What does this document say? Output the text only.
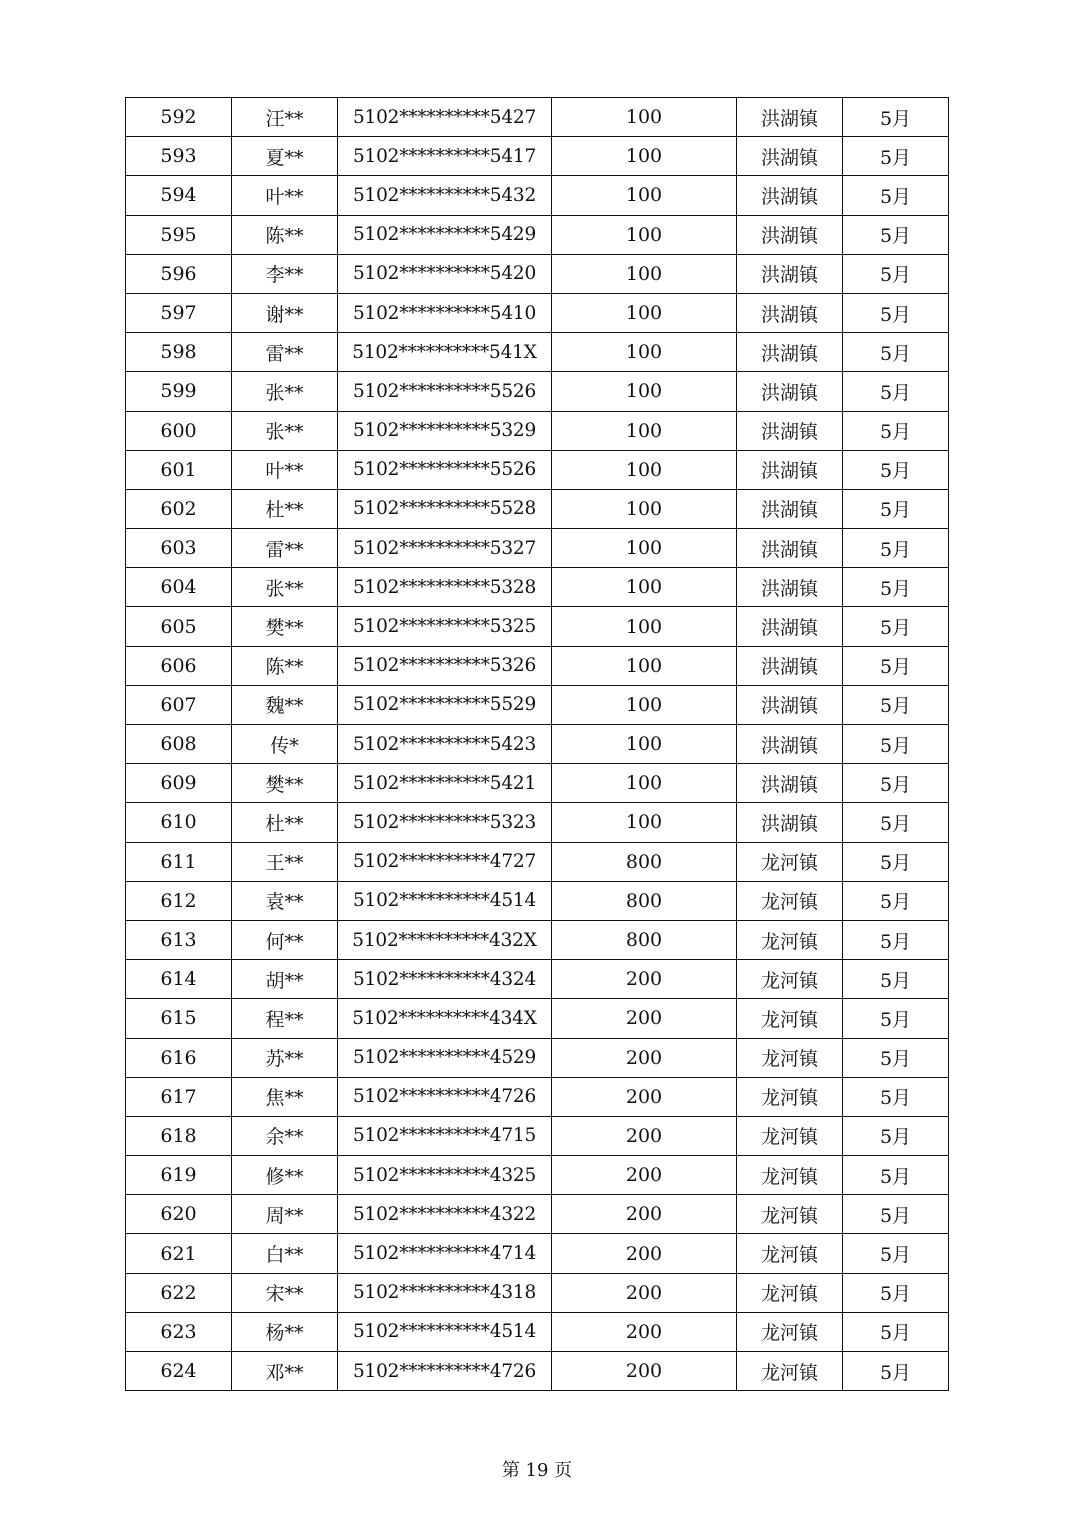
592	汪**	5102**********5427	100	洪湖镇	5月
593	夏**	5102**********5417	100	洪湖镇	5月
594	叶**	5102**********5432	100	洪湖镇	5月
595	陈**	5102**********5429	100	洪湖镇	5月
596	李**	5102**********5420	100	洪湖镇	5月
597	谢**	5102**********5410	100	洪湖镇	5月
598	雷**	5102**********541X	100	洪湖镇	5月
599	张**	5102**********5526	100	洪湖镇	5月
600	张**	5102**********5329	100	洪湖镇	5月
601	叶**	5102**********5526	100	洪湖镇	5月
602	杜**	5102**********5528	100	洪湖镇	5月
603	雷**	5102**********5327	100	洪湖镇	5月
604	张**	5102**********5328	100	洪湖镇	5月
605	樊**	5102**********5325	100	洪湖镇	5月
606	陈**	5102**********5326	100	洪湖镇	5月
607	魏**	5102**********5529	100	洪湖镇	5月
608	传*	5102**********5423	100	洪湖镇	5月
609	樊**	5102**********5421	100	洪湖镇	5月
610	杜**	5102**********5323	100	洪湖镇	5月
611	王**	5102**********4727	800	龙河镇	5月
612	袁**	5102**********4514	800	龙河镇	5月
613	何**	5102**********432X	800	龙河镇	5月
614	胡**	5102**********4324	200	龙河镇	5月
615	程**	5102**********434X	200	龙河镇	5月
616	苏**	5102**********4529	200	龙河镇	5月
617	焦**	5102**********4726	200	龙河镇	5月
618	余**	5102**********4715	200	龙河镇	5月
619	修**	5102**********4325	200	龙河镇	5月
620	周**	5102**********4322	200	龙河镇	5月
621	白**	5102**********4714	200	龙河镇	5月
622	宋**	5102**********4318	200	龙河镇	5月
623	杨**	5102**********4514	200	龙河镇	5月
624	邓**	5102**********4726	200	龙河镇	5月
第 19 页
